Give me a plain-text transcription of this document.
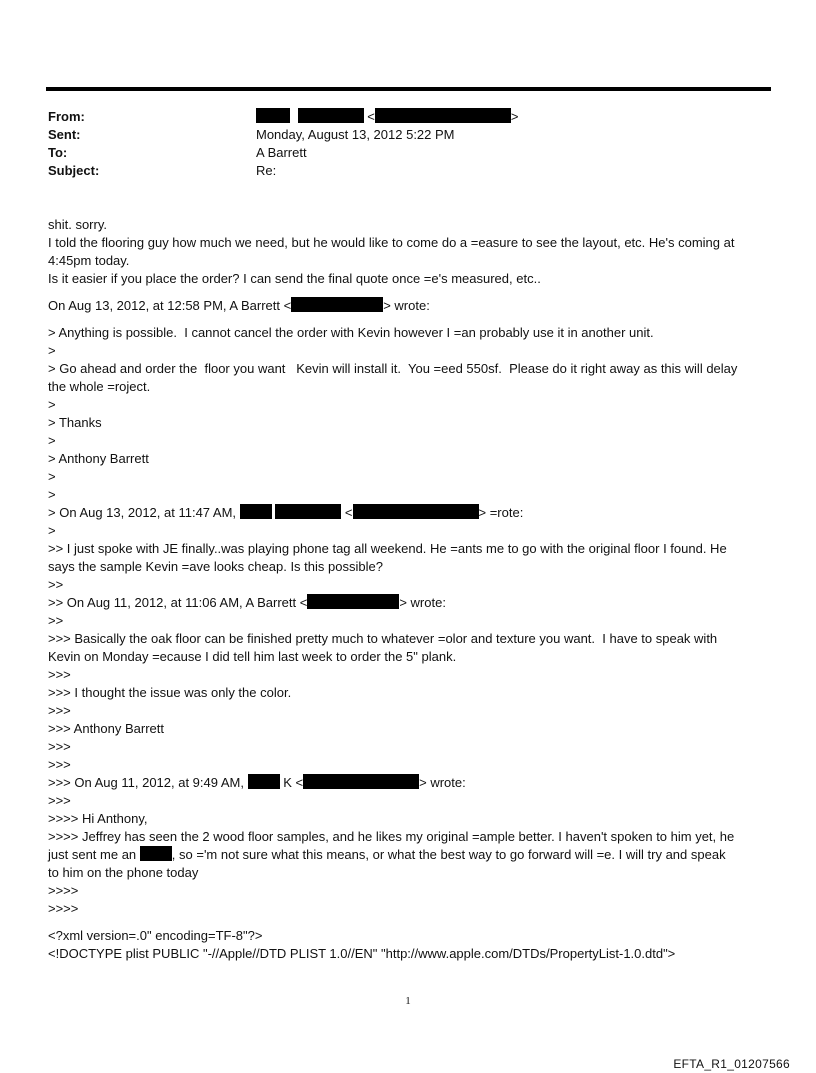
From:	<	>
Sent:	Monday, August 13, 2012 5:22 PM
To:	A Barrett
Subject:	Re:
shit. sorry.
I told the flooring guy how much we need, but he would like to come do a =easure to see the layout, etc. He's coming at
4:45pm today.
Is it easier if you place the order? I can send the final quote once =e's measured, etc..
On Aug 13, 2012, at 12:58 PM, A Barrett <	> wrote:
> Anything is possible.  I cannot cancel the order with Kevin however I =an probably use it in another unit.
>
> Go ahead and order the  floor you want   Kevin will install it.  You =eed 550sf.  Please do it right away as this will delay
the whole =roject.
>
> Thanks
>
> Anthony Barrett
>
>
> On Aug 13, 2012, at 11:47 AM,	<	> =rote:
>
>> I just spoke with JE finally..was playing phone tag all weekend. He =ants me to go with the original floor I found. He
says the sample Kevin =ave looks cheap. Is this possible?
>>
>> On Aug 11, 2012, at 11:06 AM, A Barrett <	> wrote:
>>
>>> Basically the oak floor can be finished pretty much to whatever =olor and texture you want.  I have to speak with
Kevin on Monday =ecause I did tell him last week to order the 5" plank.
>>>
>>> I thought the issue was only the color.
>>>
>>> Anthony Barrett
>>>
>>>
>>> On Aug 11, 2012, at 9:49 AM,	K <	> wrote:
>>>
>>>> Hi Anthony,
>>>> Jeffrey has seen the 2 wood floor samples, and he likes my original =ample better. I haven't spoken to him yet, he
just sent me an	, so ='m not sure what this means, or what the best way to go forward will =e. I will try and speak
to him on the phone today
>>>>
>>>>
<?xml version=.0" encoding=TF-8"?>
<!DOCTYPE plist PUBLIC "-//Apple//DTD PLIST 1.0//EN" "http://www.apple.com/DTDs/PropertyList-1.0.dtd">
1
EFTA_R1_01207566
